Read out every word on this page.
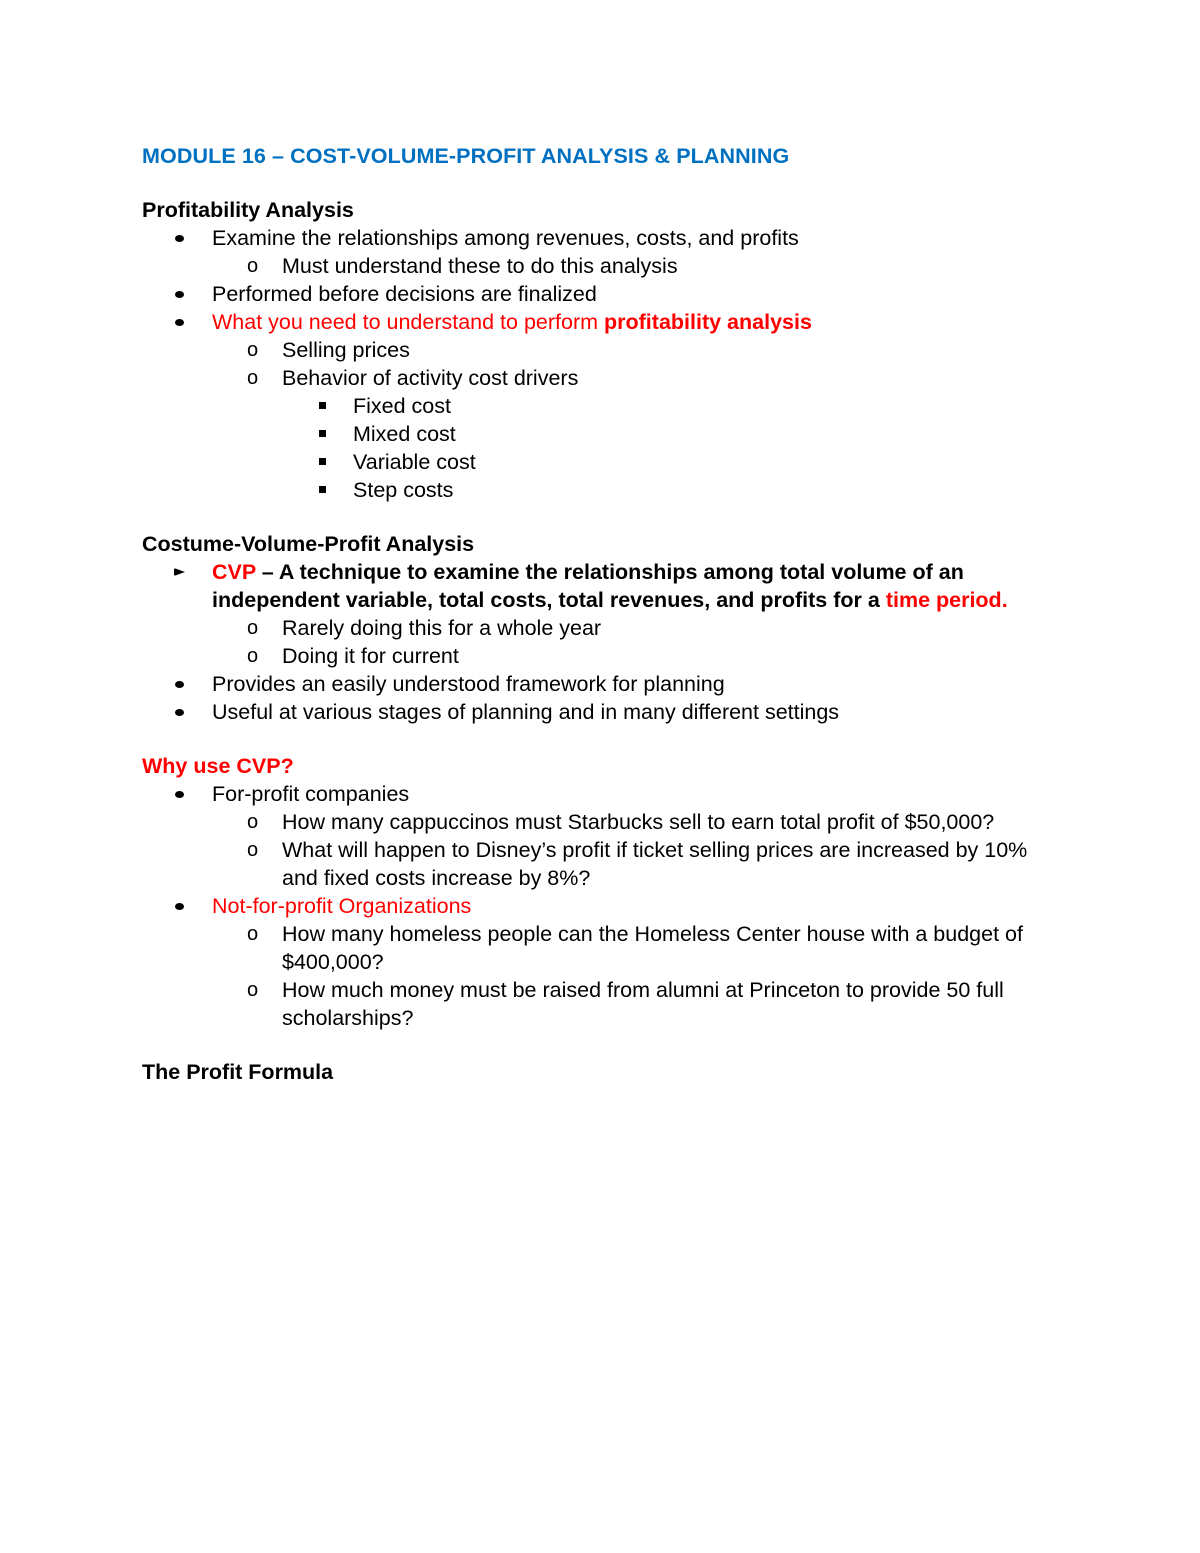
MODULE 16 – COST-VOLUME-PROFIT ANALYSIS & PLANNING
Profitability Analysis
Examine the relationships among revenues, costs, and profits
o Must understand these to do this analysis
Performed before decisions are finalized
What you need to understand to perform profitability analysis
o Selling prices
o Behavior of activity cost drivers
Fixed cost
Mixed cost
Variable cost
Step costs
Costume-Volume-Profit Analysis
CVP – A technique to examine the relationships among total volume of an independent variable, total costs, total revenues, and profits for a time period.
o Rarely doing this for a whole year
o Doing it for current
Provides an easily understood framework for planning
Useful at various stages of planning and in many different settings
Why use CVP?
For-profit companies
o How many cappuccinos must Starbucks sell to earn total profit of $50,000?
o What will happen to Disney’s profit if ticket selling prices are increased by 10% and fixed costs increase by 8%?
Not-for-profit Organizations
o How many homeless people can the Homeless Center house with a budget of $400,000?
o How much money must be raised from alumni at Princeton to provide 50 full scholarships?
The Profit Formula
